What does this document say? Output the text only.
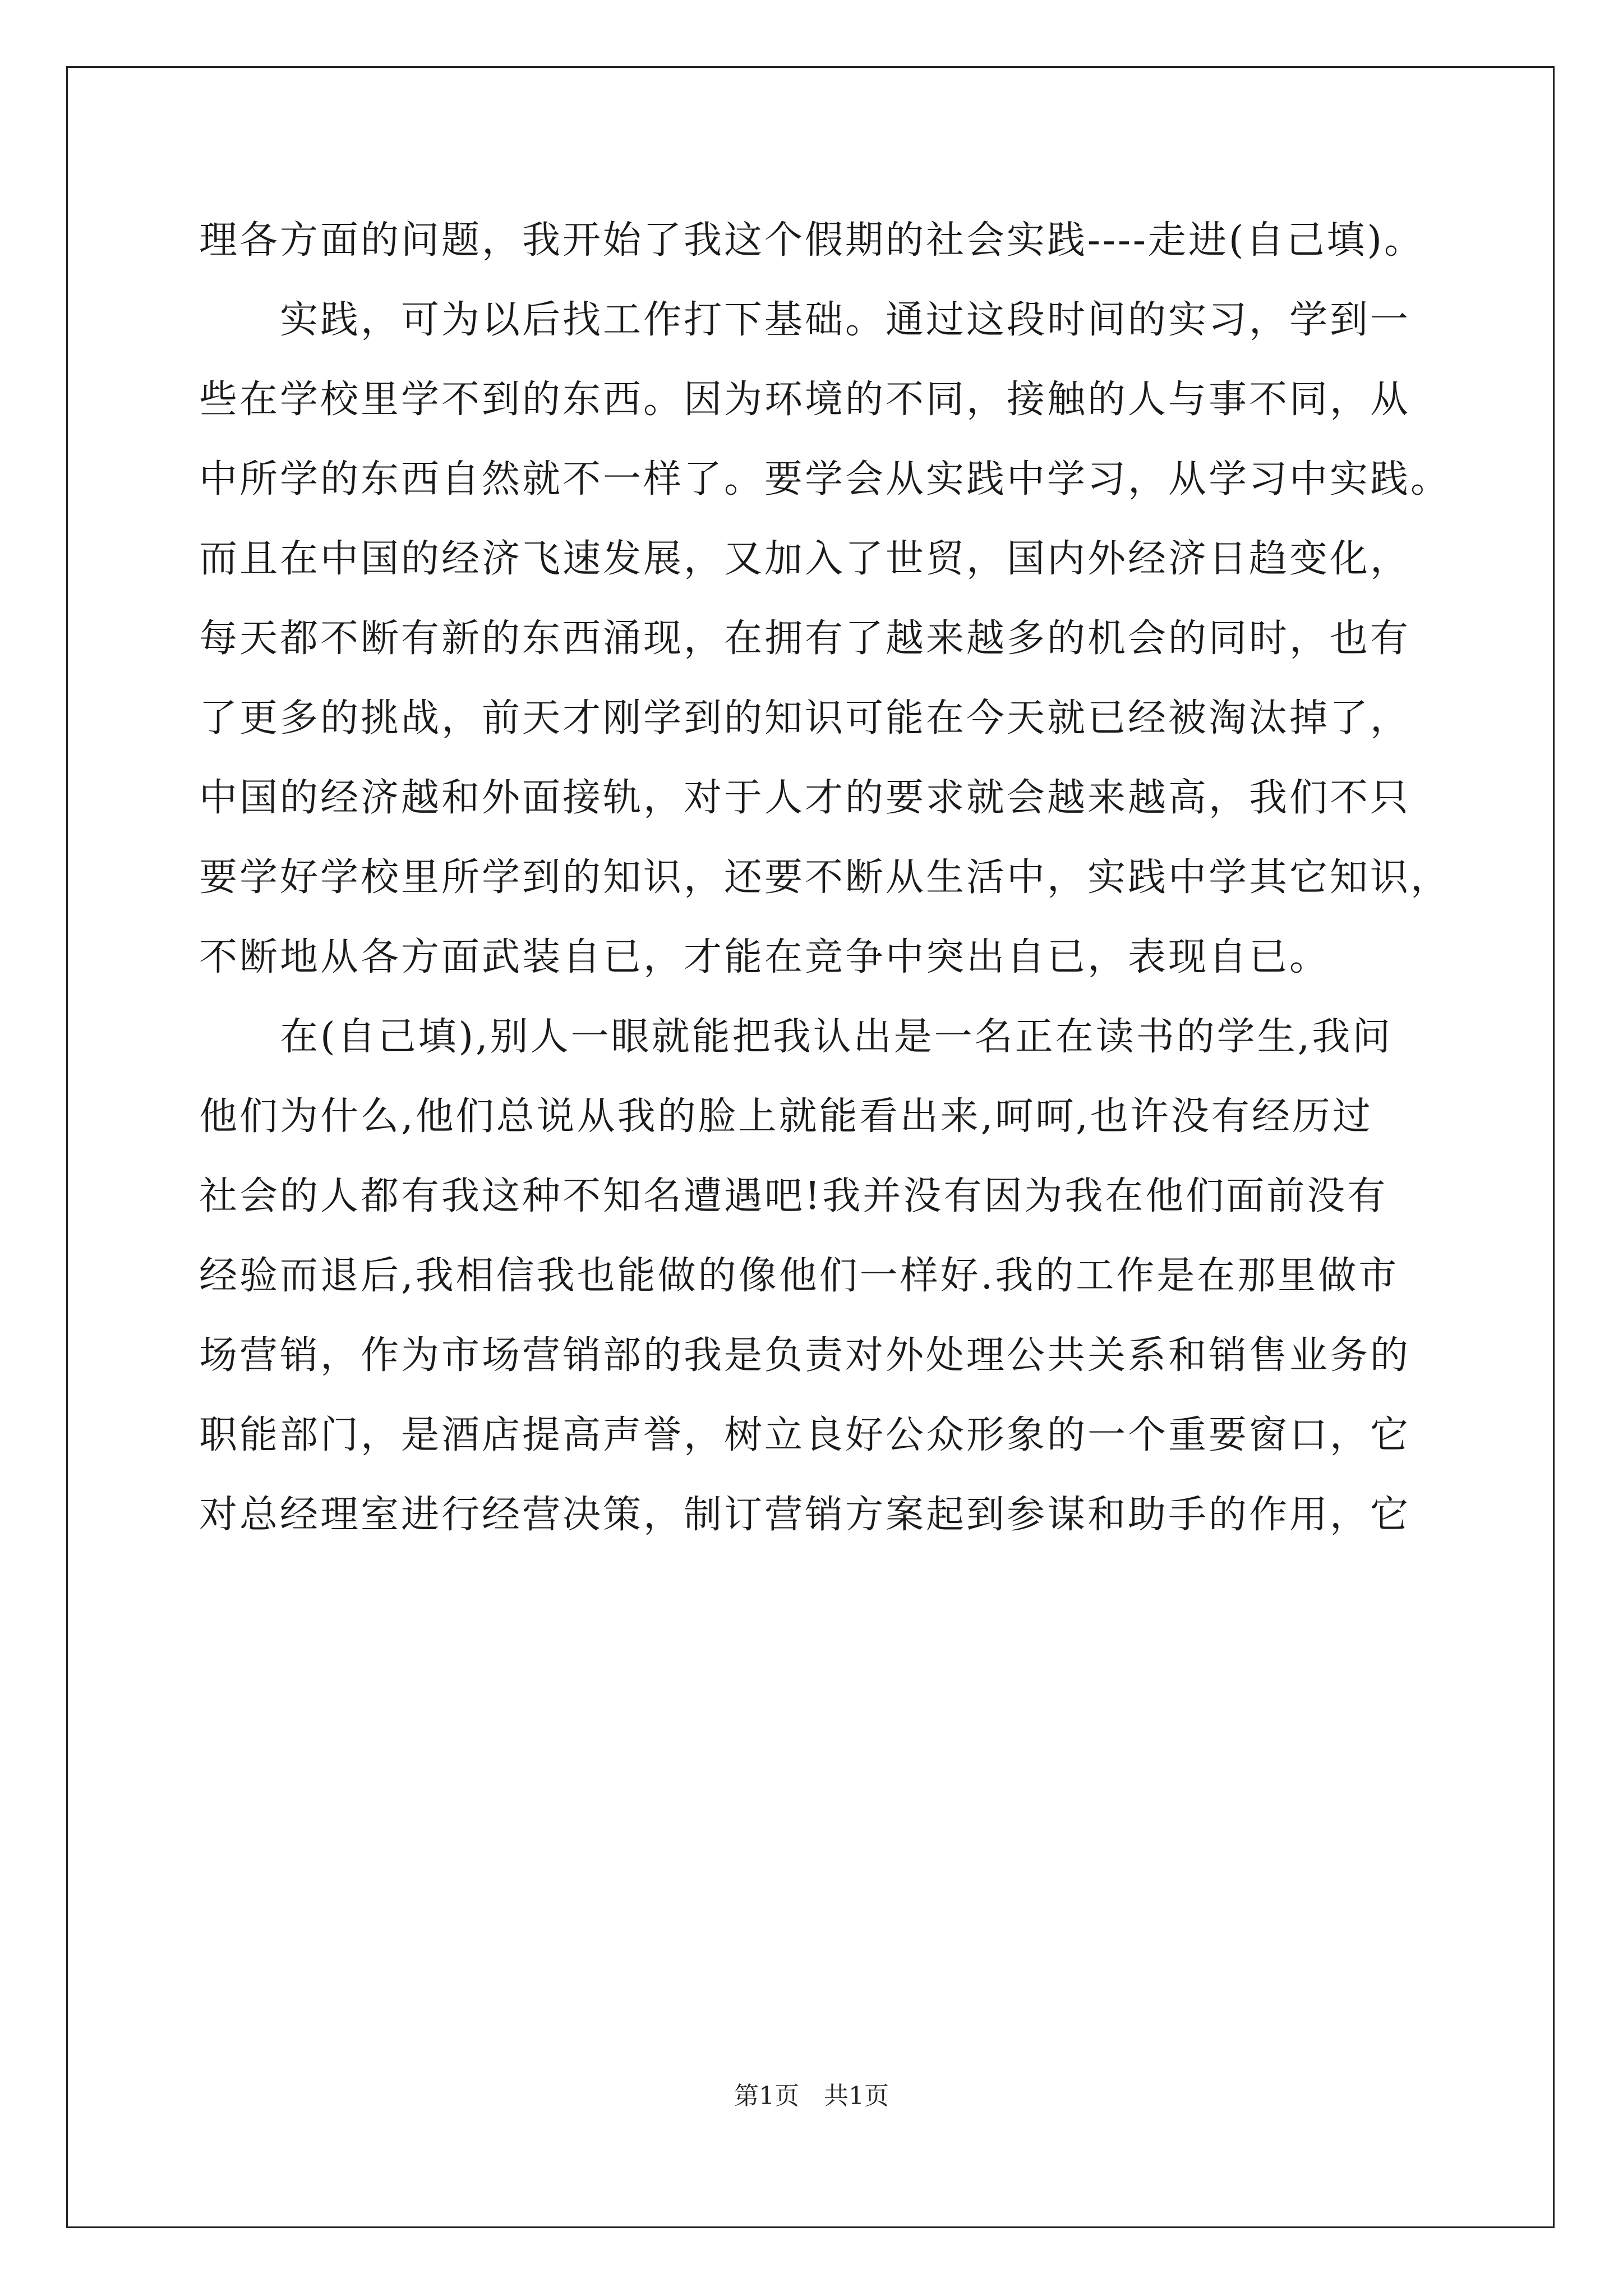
理各方面的问题，我开始了我这个假期的社会实践----走进(自己填)。
　　实践，可为以后找工作打下基础。通过这段时间的实习，学到一
些在学校里学不到的东西。因为环境的不同，接触的人与事不同，从
中所学的东西自然就不一样了。要学会从实践中学习，从学习中实践。
而且在中国的经济飞速发展，又加入了世贸，国内外经济日趋变化，
每天都不断有新的东西涌现，在拥有了越来越多的机会的同时，也有
了更多的挑战，前天才刚学到的知识可能在今天就已经被淘汰掉了，
中国的经济越和外面接轨，对于人才的要求就会越来越高，我们不只
要学好学校里所学到的知识，还要不断从生活中，实践中学其它知识，
不断地从各方面武装自已，才能在竞争中突出自已，表现自已。
　　在(自己填),别人一眼就能把我认出是一名正在读书的学生,我问
他们为什么,他们总说从我的脸上就能看出来,呵呵,也许没有经历过
社会的人都有我这种不知名遭遇吧!我并没有因为我在他们面前没有
经验而退后,我相信我也能做的像他们一样好.我的工作是在那里做市
场营销，作为市场营销部的我是负责对外处理公共关系和销售业务的
职能部门，是酒店提高声誉，树立良好公众形象的一个重要窗口，它
对总经理室进行经营决策，制订营销方案起到参谋和助手的作用，它
第1页　共1页
